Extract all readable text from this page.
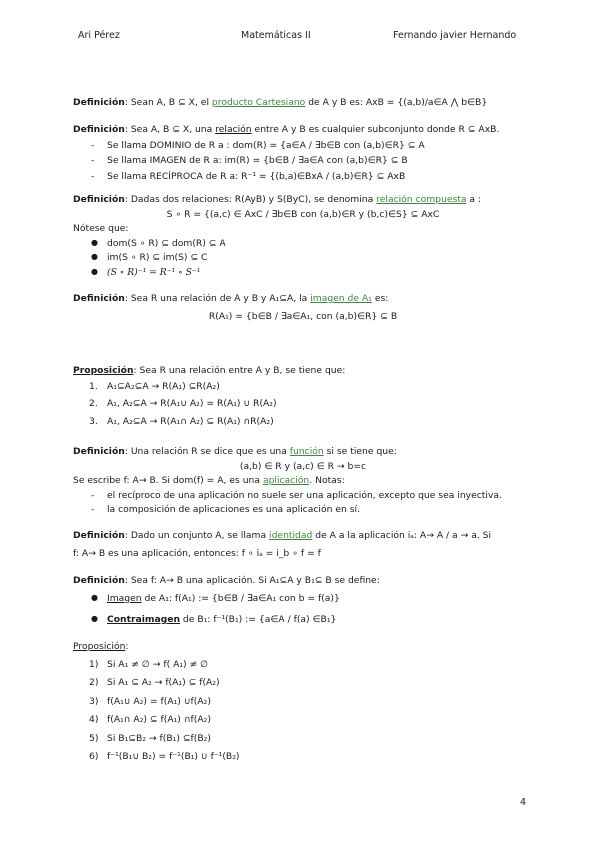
Ari Pérez	Matemáticas II	Fernando javier Hernando
Definición: Sean A, B ⊆ X, el producto Cartesiano de A y B es: AxB = {(a,b)/a∈A ⋀ b∈B}
Definición: Sea A, B ⊆ X, una relación entre A y B es cualquier subconjunto donde R ⊆ AxB.
- Se llama DOMINIO de R a : dom(R) = {a∈A / ∃b∈B con (a,b)∈R} ⊆ A
- Se llama IMAGEN de R a: im(R) = {b∈B / ∃a∈A con (a,b)∈R} ⊆ B
- Se llama RECÍPROCA de R a: R⁻¹ = {(b,a)∈BxA / (a,b)∈R} ⊆ AxB
Definición: Dadas dos relaciones: R(AyB) y S(ByC), se denomina relación compuesta a :
S ∘ R = {(a,c) ∈ AxC / ∃b∈B con (a,b)∈R y (b,c)∈S} ⊆ AxC
Nótese que:
● dom(S ∘ R) ⊆ dom(R) ⊆ A
● im(S ∘ R) ⊆ im(S) ⊆ C
● (S ∘ R)⁻¹ = R⁻¹ ∘ S⁻¹
Definición: Sea R una relación de A y B y A₁⊆A, la imagen de A₁ es:
R(A₁) = {b∈B / ∃a∈A₁, con (a,b)∈R} ⊆ B
Proposición: Sea R una relación entre A y B, se tiene que:
1. A₁⊆A₂⊆A → R(A₁) ⊆R(A₂)
2. A₁, A₂⊆A → R(A₁∪ A₂) = R(A₁) ∪ R(A₂)
3. A₁, A₂⊆A → R(A₁∩ A₂) ⊆ R(A₁) ∩R(A₂)
Definición: Una relación R se dice que es una función si se tiene que:
(a,b) ∈ R y (a,c) ∈ R → b=c
Se escribe f: A→ B. Si dom(f) = A, es una aplicación. Notas:
- el recíproco de una aplicación no suele ser una aplicación, excepto que sea inyectiva.
- la composición de aplicaciones es una aplicación en sí.
Definición: Dado un conjunto A, se llama identidad de A a la aplicación iₐ: A→ A / a → a. Si
f: A→ B es una aplicación, entonces: f ∘ iₐ = i_b ∘ f = f
Definición: Sea f: A→ B una aplicación. Si A₁⊆A y B₁⊆ B se define:
● Imagen de A₁: f(A₁) := {b∈B / ∃a∈A₁ con b = f(a)}
● Contraimagen de B₁: f⁻¹(B₁) := {a∈A / f(a) ∈B₁}
Proposición:
1) Si A₁ ≠ ∅ → f( A₁) ≠ ∅
2) Si A₁ ⊆ A₂ → f(A₁) ⊆ f(A₂)
3) f(A₁∪ A₂) = f(A₁) ∪f(A₂)
4) f(A₁∩ A₂) ⊆ f(A₁) ∩f(A₂)
5) Si B₁⊆B₂ → f(B₁) ⊆f(B₂)
6) f⁻¹(B₁∪ B₂) = f⁻¹(B₁) ∪ f⁻¹(B₂)
4
